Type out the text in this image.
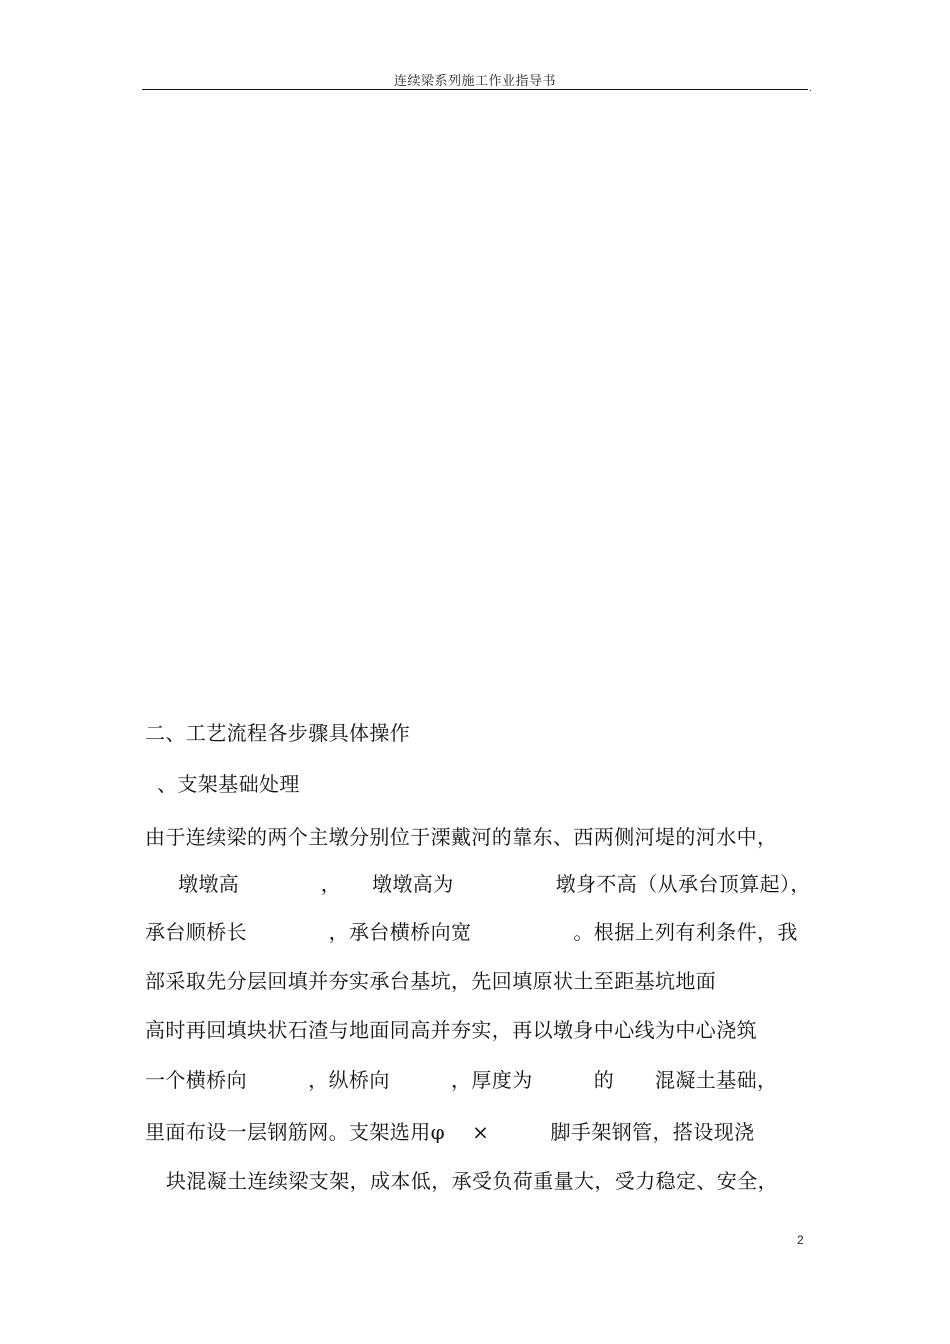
连续梁系列施工作业指导书	.
二、工艺流程各步骤具体操作
、支架基础处理
由于连续梁的两个主墩分别位于溧戴河的靠东、西两侧河堤的河水中，
墩墩高　　　　，　　墩墩高为　　　　　墩身不高（从承台顶算起），
承台顺桥长　　　　，承台横桥向宽　　　　　。根据上列有利条件，我
部采取先分层回填并夯实承台基坑，先回填原状土至距基坑地面
高时再回填块状石渣与地面同高并夯实，再以墩身中心线为中心浇筑
一个横桥向　　　，纵桥向　　　，厚度为　　　的　　混凝土基础，
里面布设一层钢筋网。支架选用φ　 ×　　　脚手架钢管，搭设现浇
块混凝土连续梁支架，成本低，承受负荷重量大，受力稳定、安全，
2
